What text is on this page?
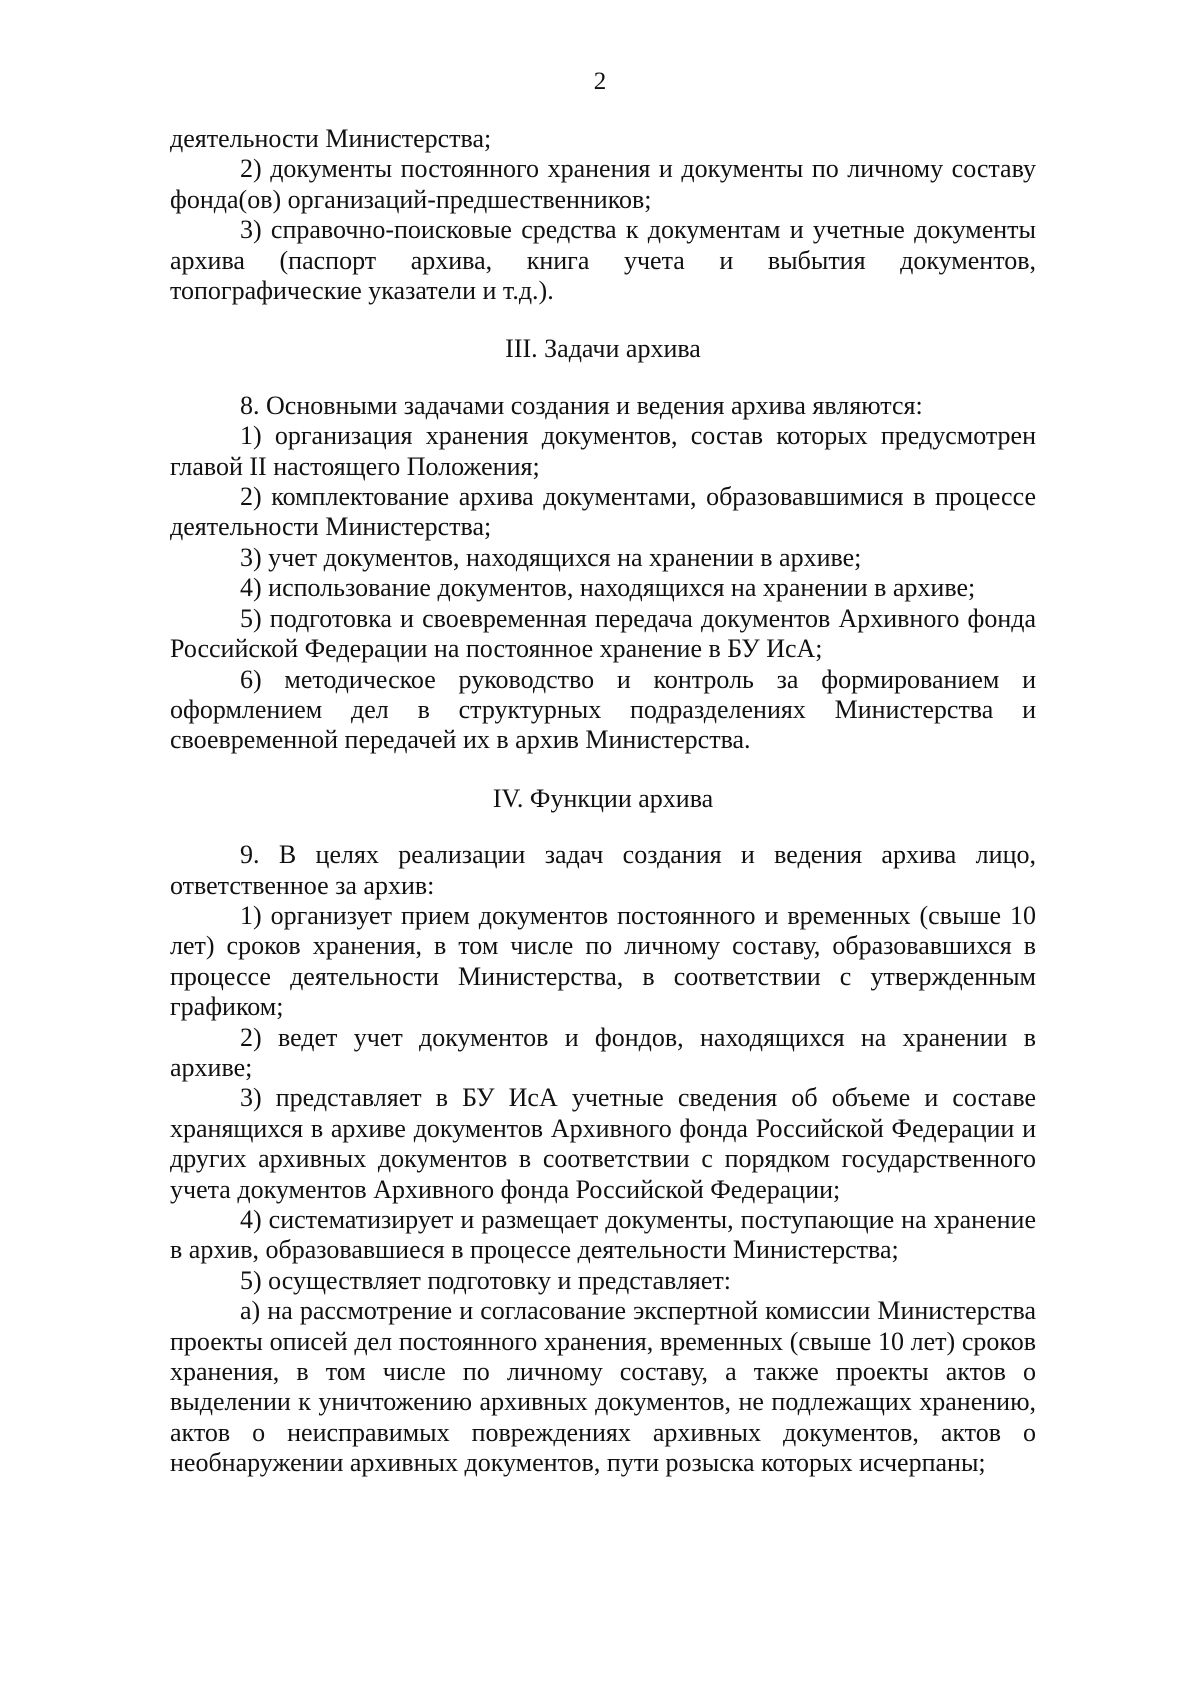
2

деятельности Министерства;

2) документы постоянного хранения и документы по личному составу фонда(ов) организаций-предшественников;

3) справочно-поисковые средства к документам и учетные документы архива (паспорт архива, книга учета и выбытия документов, топографические указатели и т.д.).

III. Задачи архива

8. Основными задачами создания и ведения архива являются:

1) организация хранения документов, состав которых предусмотрен главой II настоящего Положения;

2) комплектование архива документами, образовавшимися в процессе деятельности Министерства;

3) учет документов, находящихся на хранении в архиве;

4) использование документов, находящихся на хранении в архиве;

5) подготовка и своевременная передача документов Архивного фонда Российской Федерации на постоянное хранение в БУ ИсА;

6) методическое руководство и контроль за формированием и оформлением дел в структурных подразделениях Министерства и своевременной передачей их в архив Министерства.

IV. Функции архива

9. В целях реализации задач создания и ведения архива лицо, ответственное за архив:

1) организует прием документов постоянного и временных (свыше 10 лет) сроков хранения, в том числе по личному составу, образовавшихся в процессе деятельности Министерства, в соответствии с утвержденным графиком;

2) ведет учет документов и фондов, находящихся на хранении в архиве;

3) представляет в БУ ИсА учетные сведения об объеме и составе хранящихся в архиве документов Архивного фонда Российской Федерации и других архивных документов в соответствии с порядком государственного учета документов Архивного фонда Российской Федерации;

4) систематизирует и размещает документы, поступающие на хранение в архив, образовавшиеся в процессе деятельности Министерства;

5) осуществляет подготовку и представляет:

а) на рассмотрение и согласование экспертной комиссии Министерства проекты описей дел постоянного хранения, временных (свыше 10 лет) сроков хранения, в том числе по личному составу, а также проекты актов о выделении к уничтожению архивных документов, не подлежащих хранению, актов о неисправимых повреждениях архивных документов, актов о необнаружении архивных документов, пути розыска которых исчерпаны;
